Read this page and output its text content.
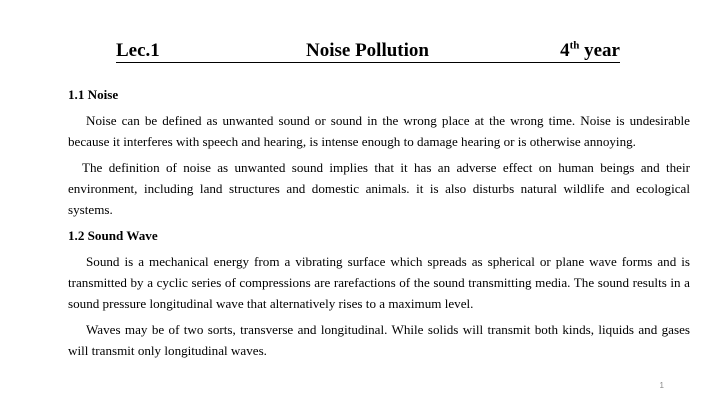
Lec.1	Noise Pollution	4th year

1.1 Noise

Noise can be defined as unwanted sound or sound in the wrong place at the wrong time. Noise is undesirable because it interferes with speech and hearing, is intense enough to damage hearing or is otherwise annoying.

The definition of noise as unwanted sound implies that it has an adverse effect on human beings and their environment, including land structures and domestic animals. it is also disturbs natural wildlife and ecological systems.

1.2 Sound Wave

Sound is a mechanical energy from a vibrating surface which spreads as spherical or plane wave forms and is transmitted by a cyclic series of compressions are rarefactions of the sound transmitting media. The sound results in a sound pressure longitudinal wave that alternatively rises to a maximum level.

Waves may be of two sorts, transverse and longitudinal. While solids will transmit both kinds, liquids and gases will transmit only longitudinal waves.

1
